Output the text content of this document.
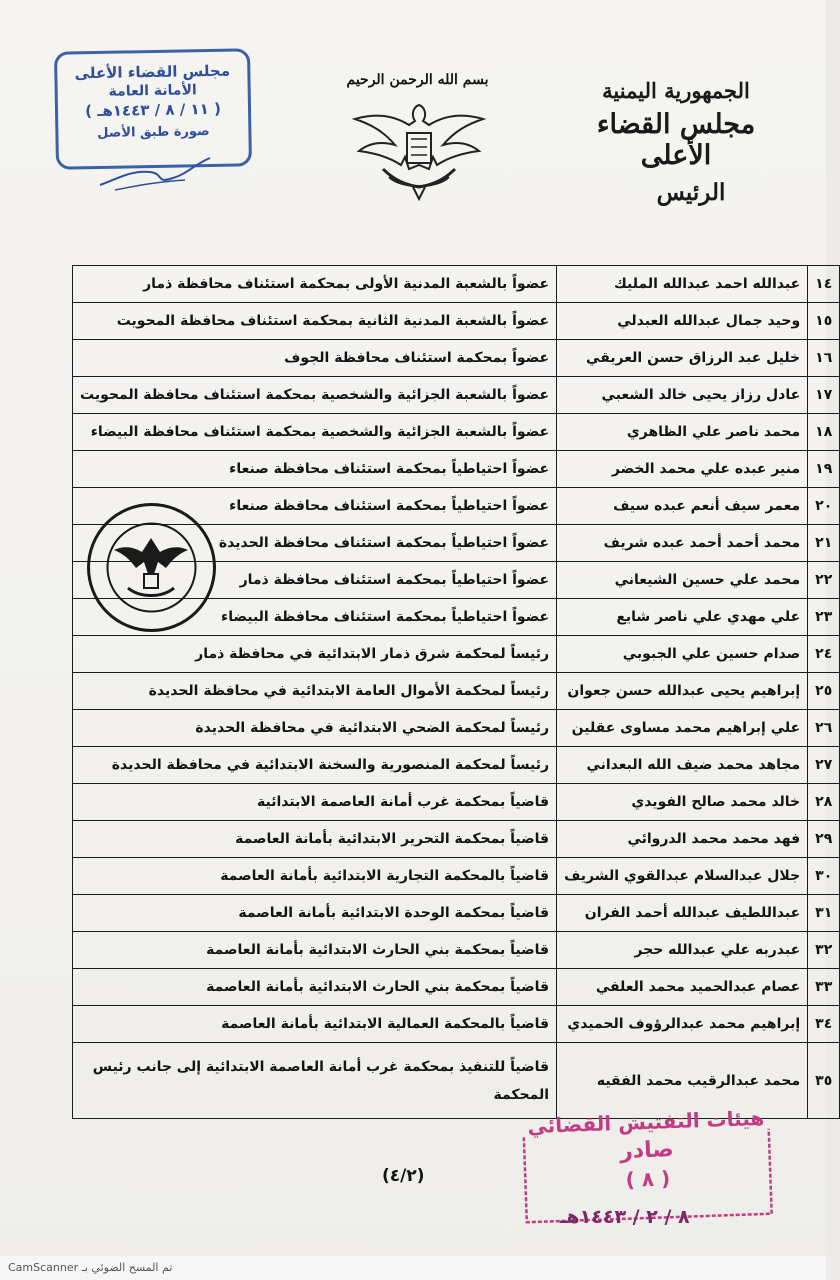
الجمهورية اليمنية
مجلس القضاء الأعلى
الرئيس
بسم الله الرحمن الرحيم
مجلس القضاء الأعلى
الأمانة العامة
( ١١ / ٨ / ١٤٤٣هـ )
صورة طبق الأصل
١٤	عبدالله احمد عبدالله المليك	عضواً بالشعبة المدنية الأولى بمحكمة استئناف محافظة ذمار
١٥	وحيد جمال عبدالله العبدلي	عضواً بالشعبة المدنية الثانية بمحكمة استئناف محافظة المحويت
١٦	خليل عبد الرزاق حسن العريقي	عضواً بمحكمة استئناف محافظة الجوف
١٧	عادل رزاز يحيى خالد الشعبي	عضواً بالشعبة الجزائية والشخصية بمحكمة استئناف محافظة المحويت
١٨	محمد ناصر علي الظاهري	عضواً بالشعبة الجزائية والشخصية بمحكمة استئناف محافظة البيضاء
١٩	منير عبده علي محمد الخضر	عضواً احتياطياً بمحكمة استئناف محافظة صنعاء
٢٠	معمر سيف أنعم عبده سيف	عضواً احتياطياً بمحكمة استئناف محافظة صنعاء
٢١	محمد أحمد أحمد عبده شريف	عضواً احتياطياً بمحكمة استئناف محافظة الحديدة
٢٢	محمد علي حسين الشيعاني	عضواً احتياطياً بمحكمة استئناف محافظة ذمار
٢٣	علي مهدي علي ناصر شايع	عضواً احتياطياً بمحكمة استئناف محافظة البيضاء
٢٤	صدام حسين علي الجبوبي	رئيساً لمحكمة شرق ذمار الابتدائية في محافظة ذمار
٢٥	إبراهيم يحيى عبدالله حسن جعوان	رئيساً لمحكمة الأموال العامة الابتدائية في محافظة الحديدة
٢٦	علي إبراهيم محمد مساوى عقلين	رئيساً لمحكمة الضحي الابتدائية في محافظة الحديدة
٢٧	مجاهد محمد ضيف الله البعداني	رئيساً لمحكمة المنصورية والسخنة الابتدائية في محافظة الحديدة
٢٨	خالد محمد صالح الفويدي	قاضياً بمحكمة غرب أمانة العاصمة الابتدائية
٢٩	فهد محمد محمد الدروائي	قاضياً بمحكمة التحرير الابتدائية بأمانة العاصمة
٣٠	جلال عبدالسلام عبدالقوي الشريف	قاضياً بالمحكمة التجارية الابتدائية بأمانة العاصمة
٣١	عبداللطيف عبدالله أحمد الفران	قاضياً بمحكمة الوحدة الابتدائية بأمانة العاصمة
٣٢	عبدربه علي عبدالله حجر	قاضياً بمحكمة بني الحارث الابتدائية بأمانة العاصمة
٣٣	عصام عبدالحميد محمد العلفي	قاضياً بمحكمة بني الحارث الابتدائية بأمانة العاصمة
٣٤	إبراهيم محمد عبدالرؤوف الحميدي	قاضياً بالمحكمة العمالية الابتدائية بأمانة العاصمة
٣٥	محمد عبدالرقيب محمد الفقيه	قاضياً للتنفيذ بمحكمة غرب أمانة العاصمة الابتدائية إلى جانب رئيس المحكمة
(٤/٢)
هيئات التفتيش القضائي
صادر
( ٨ )
٨ / ٢ / ١٤٤٣هـ
تم المسح الضوئي بـ CamScanner
